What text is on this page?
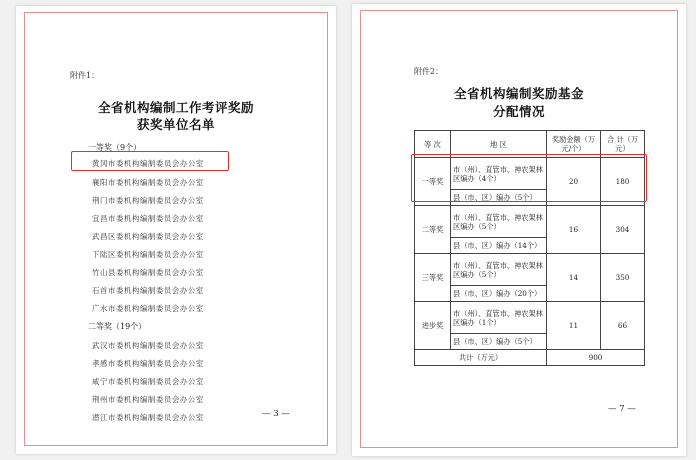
附件1：
全省机构编制工作考评奖励
获奖单位名单
一等奖（9个）
黄冈市委机构编制委员会办公室
襄阳市委机构编制委员会办公室
荆门市委机构编制委员会办公室
宜昌市委机构编制委员会办公室
武昌区委机构编制委员会办公室
下陆区委机构编制委员会办公室
竹山县委机构编制委员会办公室
石首市委机构编制委员会办公室
广水市委机构编制委员会办公室
二等奖（19个）
武汉市委机构编制委员会办公室
孝感市委机构编制委员会办公室
咸宁市委机构编制委员会办公室
荆州市委机构编制委员会办公室
潜江市委机构编制委员会办公室	— 3 —
附件2：
全省机构编制奖励基金
分配情况
等 次	地 区	奖励金额（万元/个）	合 计（万元）
一等奖	市（州）、直管市、神农架林区编办（4个）	20	180
	县（市、区）编办（5个）		
二等奖	市（州）、直管市、神农架林区编办（5个）	16	304
	县（市、区）编办（14个）		
三等奖	市（州）、直管市、神农架林区编办（5个）	14	350
	县（市、区）编办（20个）		
进步奖	市（州）、直管市、神农架林区编办（1个）	11	66
	县（市、区）编办（5个）		
共计（万元）		900	
— 7 —
